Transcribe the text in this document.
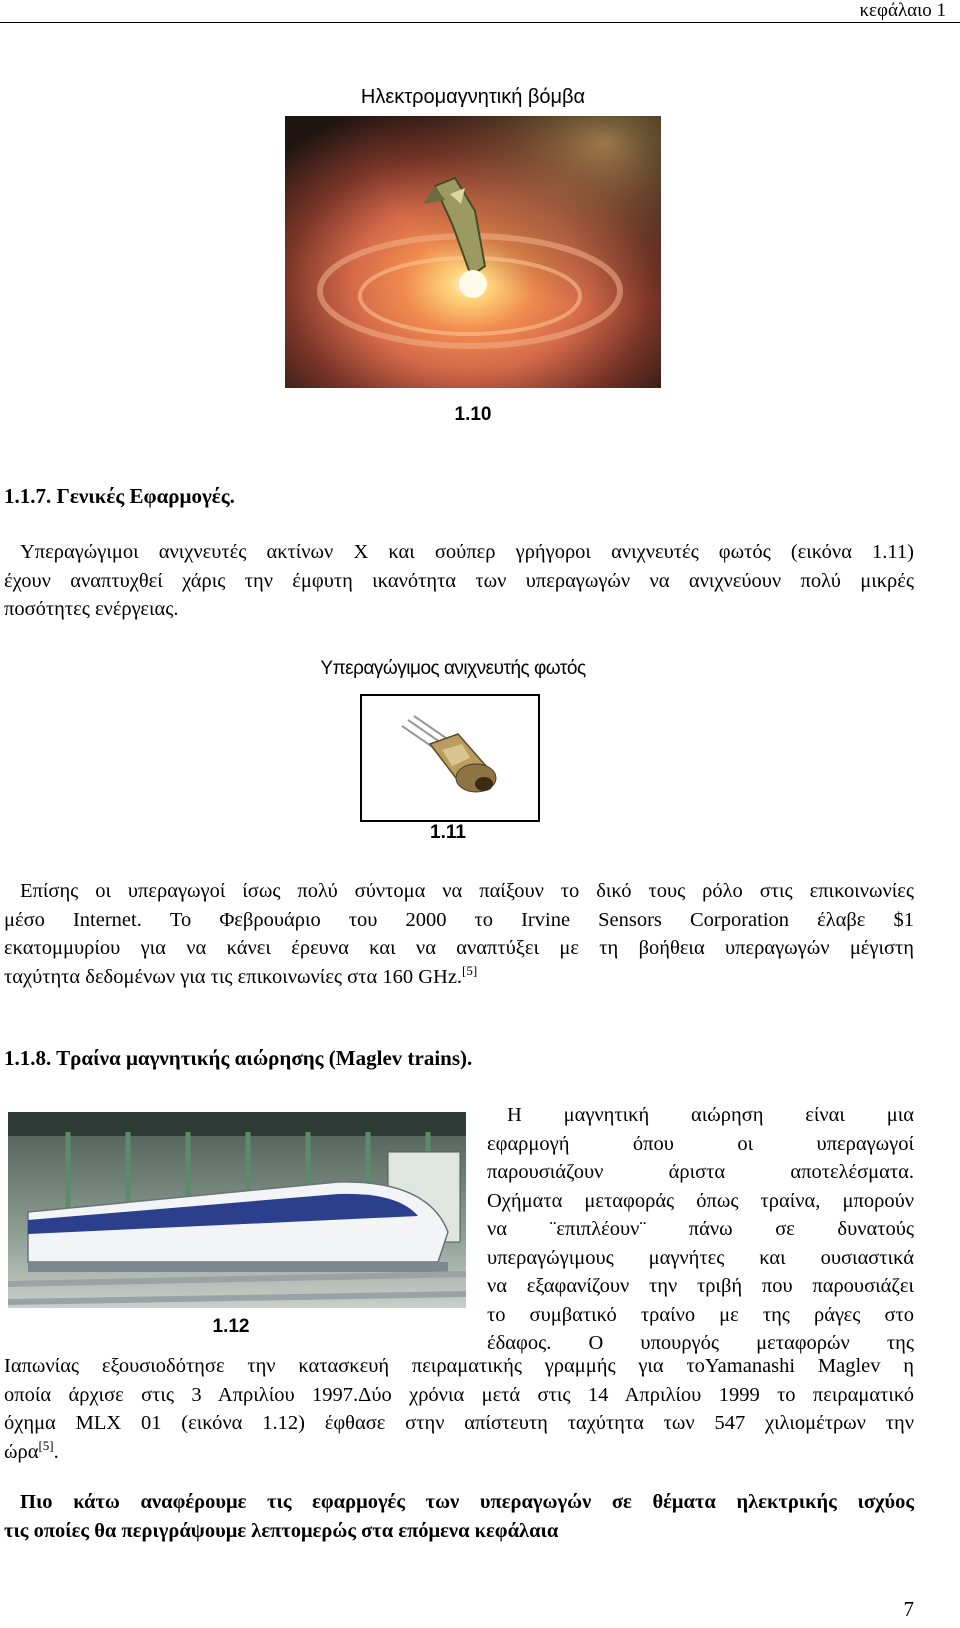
κεφάλαιο 1
Ηλεκτρομαγνητική βόμβα
1.10
1.1.7. Γενικές Εφαρμογές.
Υπεραγώγιμοι ανιχνευτές ακτίνων X και σούπερ γρήγοροι ανιχνευτές φωτός (εικόνα 1.11)
έχουν αναπτυχθεί χάρις την έμφυτη ικανότητα των υπεραγωγών να ανιχνεύουν πολύ μικρές
ποσότητες ενέργειας.
Υπεραγώγιμος ανιχνευτής φωτός
1.11
Επίσης οι υπεραγωγοί ίσως πολύ σύντομα να παίξουν το δικό τους ρόλο στις επικοινωνίες
μέσο Internet. Το Φεβρουάριο του 2000 το Irvine Sensors Corporation έλαβε $1
εκατομμυρίου για να κάνει έρευνα και να αναπτύξει με τη βοήθεια υπεραγωγών μέγιστη
ταχύτητα δεδομένων για τις επικοινωνίες στα 160 GHz.[5]
1.1.8. Τραίνα μαγνητικής αιώρησης (Maglev trains).
1.12
Η μαγνητική αιώρηση είναι μια
εφαρμογή όπου οι υπεραγωγοί
παρουσιάζουν άριστα αποτελέσματα.
Οχήματα μεταφοράς όπως τραίνα, μπορούν
να ¨επιπλέουν¨ πάνω σε δυνατούς
υπεραγώγιμους μαγνήτες και ουσιαστικά
να εξαφανίζουν την τριβή που παρουσιάζει
το συμβατικό τραίνο με της ράγες στο
έδαφος. Ο υπουργός μεταφορών της
Ιαπωνίας εξουσιοδότησε την κατασκευή πειραματικής γραμμής για τοYamanashi Maglev η
οποία άρχισε στις 3 Απριλίου 1997.Δύο χρόνια μετά στις 14 Απριλίου 1999 το πειραματικό
όχημα MLX 01 (εικόνα 1.12) έφθασε στην απίστευτη ταχύτητα των 547 χιλιομέτρων την
ώρα[5].
Πιο κάτω αναφέρουμε τις εφαρμογές των υπεραγωγών σε θέματα ηλεκτρικής ισχύος
τις οποίες θα περιγράψουμε λεπτομερώς στα επόμενα κεφάλαια
7
